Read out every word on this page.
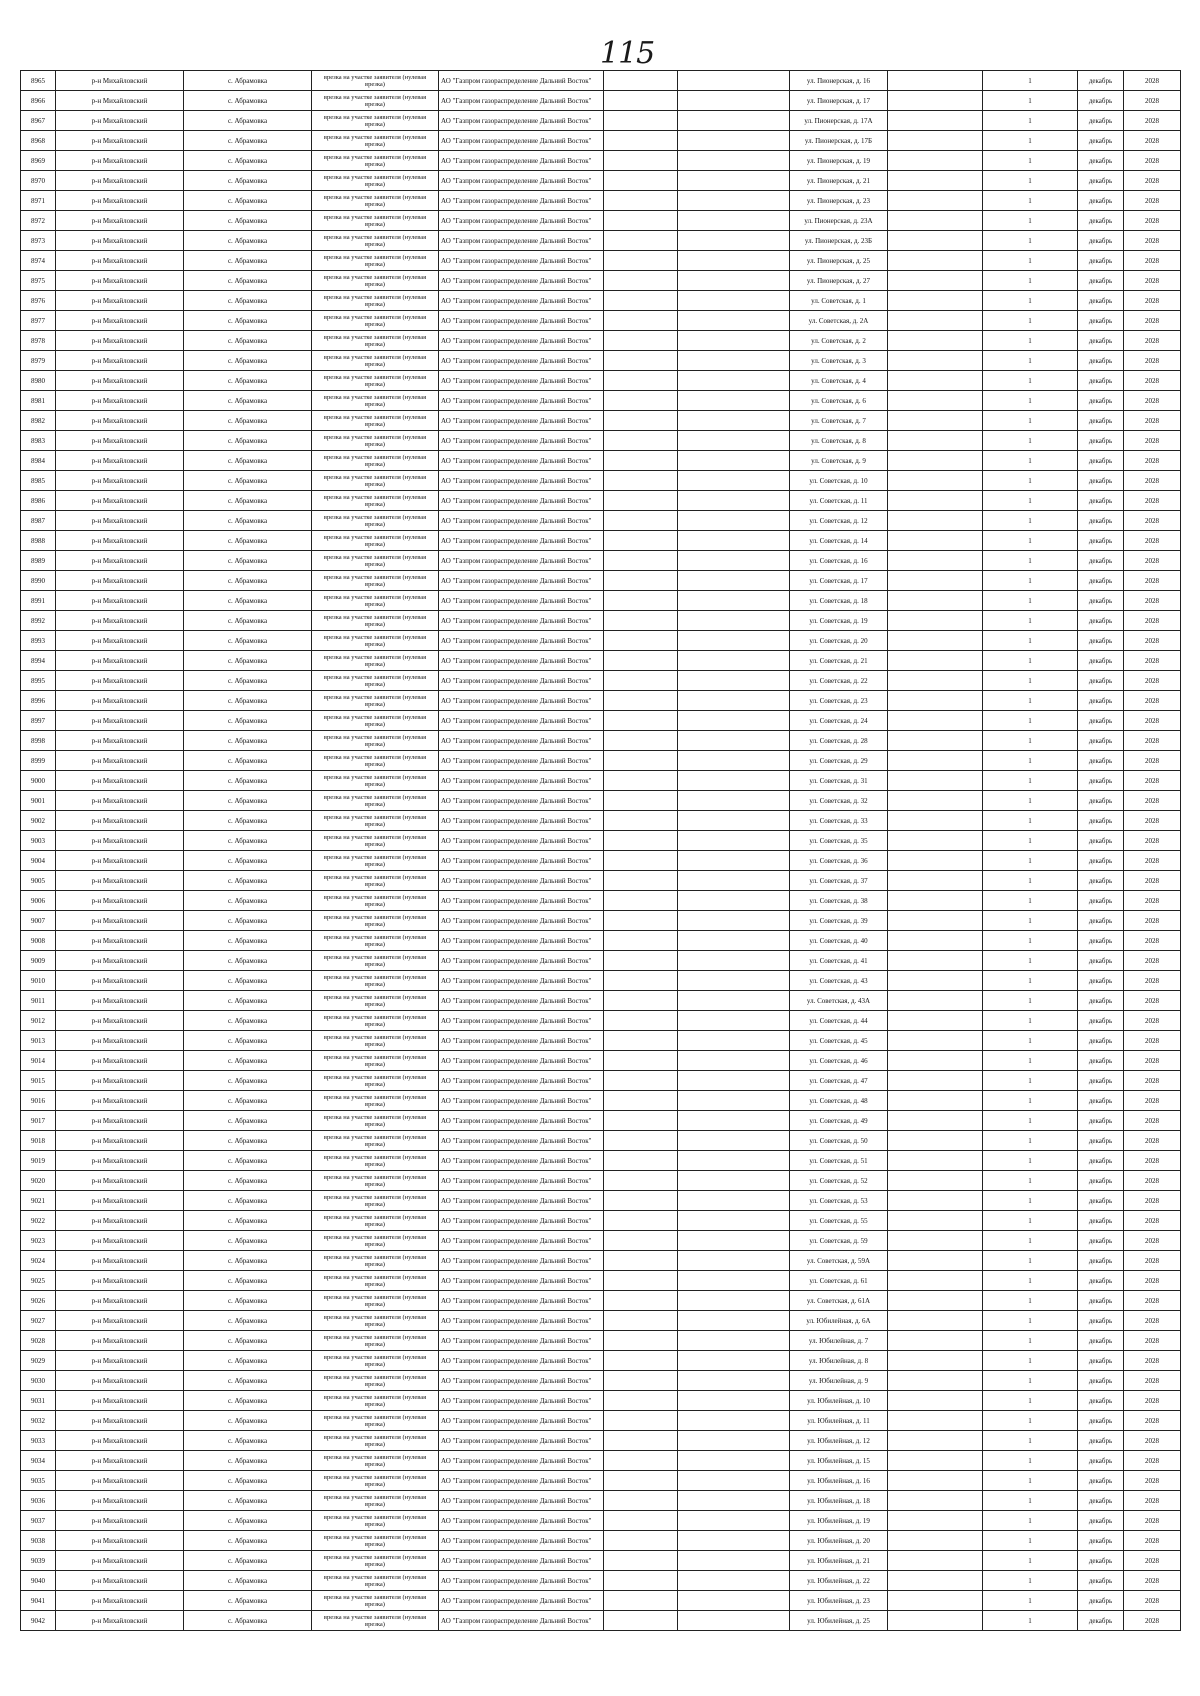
115
8965	р-н Михайловский	с. Абрамовка	врезка на участке заявителя (нулевая врезка)	АО "Газпром газораспределение Дальний Восток"			ул. Пионерская, д. 16		1	декабрь	2028
8966	р-н Михайловский	с. Абрамовка	врезка на участке заявителя (нулевая врезка)	АО "Газпром газораспределение Дальний Восток"			ул. Пионерская, д. 17		1	декабрь	2028
8967	р-н Михайловский	с. Абрамовка	врезка на участке заявителя (нулевая врезка)	АО "Газпром газораспределение Дальний Восток"			ул. Пионерская, д. 17А		1	декабрь	2028
8968	р-н Михайловский	с. Абрамовка	врезка на участке заявителя (нулевая врезка)	АО "Газпром газораспределение Дальний Восток"			ул. Пионерская, д. 17Б		1	декабрь	2028
8969	р-н Михайловский	с. Абрамовка	врезка на участке заявителя (нулевая врезка)	АО "Газпром газораспределение Дальний Восток"			ул. Пионерская, д. 19		1	декабрь	2028
8970	р-н Михайловский	с. Абрамовка	врезка на участке заявителя (нулевая врезка)	АО "Газпром газораспределение Дальний Восток"			ул. Пионерская, д. 21		1	декабрь	2028
8971	р-н Михайловский	с. Абрамовка	врезка на участке заявителя (нулевая врезка)	АО "Газпром газораспределение Дальний Восток"			ул. Пионерская, д. 23		1	декабрь	2028
8972	р-н Михайловский	с. Абрамовка	врезка на участке заявителя (нулевая врезка)	АО "Газпром газораспределение Дальний Восток"			ул. Пионерская, д. 23А		1	декабрь	2028
8973	р-н Михайловский	с. Абрамовка	врезка на участке заявителя (нулевая врезка)	АО "Газпром газораспределение Дальний Восток"			ул. Пионерская, д. 23Б		1	декабрь	2028
8974	р-н Михайловский	с. Абрамовка	врезка на участке заявителя (нулевая врезка)	АО "Газпром газораспределение Дальний Восток"			ул. Пионерская, д. 25		1	декабрь	2028
8975	р-н Михайловский	с. Абрамовка	врезка на участке заявителя (нулевая врезка)	АО "Газпром газораспределение Дальний Восток"			ул. Пионерская, д. 27		1	декабрь	2028
8976	р-н Михайловский	с. Абрамовка	врезка на участке заявителя (нулевая врезка)	АО "Газпром газораспределение Дальний Восток"			ул. Советская, д. 1		1	декабрь	2028
8977	р-н Михайловский	с. Абрамовка	врезка на участке заявителя (нулевая врезка)	АО "Газпром газораспределение Дальний Восток"			ул. Советская, д. 2А		1	декабрь	2028
8978	р-н Михайловский	с. Абрамовка	врезка на участке заявителя (нулевая врезка)	АО "Газпром газораспределение Дальний Восток"			ул. Советская, д. 2		1	декабрь	2028
8979	р-н Михайловский	с. Абрамовка	врезка на участке заявителя (нулевая врезка)	АО "Газпром газораспределение Дальний Восток"			ул. Советская, д. 3		1	декабрь	2028
8980	р-н Михайловский	с. Абрамовка	врезка на участке заявителя (нулевая врезка)	АО "Газпром газораспределение Дальний Восток"			ул. Советская, д. 4		1	декабрь	2028
8981	р-н Михайловский	с. Абрамовка	врезка на участке заявителя (нулевая врезка)	АО "Газпром газораспределение Дальний Восток"			ул. Советская, д. 6		1	декабрь	2028
8982	р-н Михайловский	с. Абрамовка	врезка на участке заявителя (нулевая врезка)	АО "Газпром газораспределение Дальний Восток"			ул. Советская, д. 7		1	декабрь	2028
8983	р-н Михайловский	с. Абрамовка	врезка на участке заявителя (нулевая врезка)	АО "Газпром газораспределение Дальний Восток"			ул. Советская, д. 8		1	декабрь	2028
8984	р-н Михайловский	с. Абрамовка	врезка на участке заявителя (нулевая врезка)	АО "Газпром газораспределение Дальний Восток"			ул. Советская, д. 9		1	декабрь	2028
8985	р-н Михайловский	с. Абрамовка	врезка на участке заявителя (нулевая врезка)	АО "Газпром газораспределение Дальний Восток"			ул. Советская, д. 10		1	декабрь	2028
8986	р-н Михайловский	с. Абрамовка	врезка на участке заявителя (нулевая врезка)	АО "Газпром газораспределение Дальний Восток"			ул. Советская, д. 11		1	декабрь	2028
8987	р-н Михайловский	с. Абрамовка	врезка на участке заявителя (нулевая врезка)	АО "Газпром газораспределение Дальний Восток"			ул. Советская, д. 12		1	декабрь	2028
8988	р-н Михайловский	с. Абрамовка	врезка на участке заявителя (нулевая врезка)	АО "Газпром газораспределение Дальний Восток"			ул. Советская, д. 14		1	декабрь	2028
8989	р-н Михайловский	с. Абрамовка	врезка на участке заявителя (нулевая врезка)	АО "Газпром газораспределение Дальний Восток"			ул. Советская, д. 16		1	декабрь	2028
8990	р-н Михайловский	с. Абрамовка	врезка на участке заявителя (нулевая врезка)	АО "Газпром газораспределение Дальний Восток"			ул. Советская, д. 17		1	декабрь	2028
8991	р-н Михайловский	с. Абрамовка	врезка на участке заявителя (нулевая врезка)	АО "Газпром газораспределение Дальний Восток"			ул. Советская, д. 18		1	декабрь	2028
8992	р-н Михайловский	с. Абрамовка	врезка на участке заявителя (нулевая врезка)	АО "Газпром газораспределение Дальний Восток"			ул. Советская, д. 19		1	декабрь	2028
8993	р-н Михайловский	с. Абрамовка	врезка на участке заявителя (нулевая врезка)	АО "Газпром газораспределение Дальний Восток"			ул. Советская, д. 20		1	декабрь	2028
8994	р-н Михайловский	с. Абрамовка	врезка на участке заявителя (нулевая врезка)	АО "Газпром газораспределение Дальний Восток"			ул. Советская, д. 21		1	декабрь	2028
8995	р-н Михайловский	с. Абрамовка	врезка на участке заявителя (нулевая врезка)	АО "Газпром газораспределение Дальний Восток"			ул. Советская, д. 22		1	декабрь	2028
8996	р-н Михайловский	с. Абрамовка	врезка на участке заявителя (нулевая врезка)	АО "Газпром газораспределение Дальний Восток"			ул. Советская, д. 23		1	декабрь	2028
8997	р-н Михайловский	с. Абрамовка	врезка на участке заявителя (нулевая врезка)	АО "Газпром газораспределение Дальний Восток"			ул. Советская, д. 24		1	декабрь	2028
8998	р-н Михайловский	с. Абрамовка	врезка на участке заявителя (нулевая врезка)	АО "Газпром газораспределение Дальний Восток"			ул. Советская, д. 28		1	декабрь	2028
8999	р-н Михайловский	с. Абрамовка	врезка на участке заявителя (нулевая врезка)	АО "Газпром газораспределение Дальний Восток"			ул. Советская, д. 29		1	декабрь	2028
9000	р-н Михайловский	с. Абрамовка	врезка на участке заявителя (нулевая врезка)	АО "Газпром газораспределение Дальний Восток"			ул. Советская, д. 31		1	декабрь	2028
9001	р-н Михайловский	с. Абрамовка	врезка на участке заявителя (нулевая врезка)	АО "Газпром газораспределение Дальний Восток"			ул. Советская, д. 32		1	декабрь	2028
9002	р-н Михайловский	с. Абрамовка	врезка на участке заявителя (нулевая врезка)	АО "Газпром газораспределение Дальний Восток"			ул. Советская, д. 33		1	декабрь	2028
9003	р-н Михайловский	с. Абрамовка	врезка на участке заявителя (нулевая врезка)	АО "Газпром газораспределение Дальний Восток"			ул. Советская, д. 35		1	декабрь	2028
9004	р-н Михайловский	с. Абрамовка	врезка на участке заявителя (нулевая врезка)	АО "Газпром газораспределение Дальний Восток"			ул. Советская, д. 36		1	декабрь	2028
9005	р-н Михайловский	с. Абрамовка	врезка на участке заявителя (нулевая врезка)	АО "Газпром газораспределение Дальний Восток"			ул. Советская, д. 37		1	декабрь	2028
9006	р-н Михайловский	с. Абрамовка	врезка на участке заявителя (нулевая врезка)	АО "Газпром газораспределение Дальний Восток"			ул. Советская, д. 38		1	декабрь	2028
9007	р-н Михайловский	с. Абрамовка	врезка на участке заявителя (нулевая врезка)	АО "Газпром газораспределение Дальний Восток"			ул. Советская, д. 39		1	декабрь	2028
9008	р-н Михайловский	с. Абрамовка	врезка на участке заявителя (нулевая врезка)	АО "Газпром газораспределение Дальний Восток"			ул. Советская, д. 40		1	декабрь	2028
9009	р-н Михайловский	с. Абрамовка	врезка на участке заявителя (нулевая врезка)	АО "Газпром газораспределение Дальний Восток"			ул. Советская, д. 41		1	декабрь	2028
9010	р-н Михайловский	с. Абрамовка	врезка на участке заявителя (нулевая врезка)	АО "Газпром газораспределение Дальний Восток"			ул. Советская, д. 43		1	декабрь	2028
9011	р-н Михайловский	с. Абрамовка	врезка на участке заявителя (нулевая врезка)	АО "Газпром газораспределение Дальний Восток"			ул. Советская, д. 43А		1	декабрь	2028
9012	р-н Михайловский	с. Абрамовка	врезка на участке заявителя (нулевая врезка)	АО "Газпром газораспределение Дальний Восток"			ул. Советская, д. 44		1	декабрь	2028
9013	р-н Михайловский	с. Абрамовка	врезка на участке заявителя (нулевая врезка)	АО "Газпром газораспределение Дальний Восток"			ул. Советская, д. 45		1	декабрь	2028
9014	р-н Михайловский	с. Абрамовка	врезка на участке заявителя (нулевая врезка)	АО "Газпром газораспределение Дальний Восток"			ул. Советская, д. 46		1	декабрь	2028
9015	р-н Михайловский	с. Абрамовка	врезка на участке заявителя (нулевая врезка)	АО "Газпром газораспределение Дальний Восток"			ул. Советская, д. 47		1	декабрь	2028
9016	р-н Михайловский	с. Абрамовка	врезка на участке заявителя (нулевая врезка)	АО "Газпром газораспределение Дальний Восток"			ул. Советская, д. 48		1	декабрь	2028
9017	р-н Михайловский	с. Абрамовка	врезка на участке заявителя (нулевая врезка)	АО "Газпром газораспределение Дальний Восток"			ул. Советская, д. 49		1	декабрь	2028
9018	р-н Михайловский	с. Абрамовка	врезка на участке заявителя (нулевая врезка)	АО "Газпром газораспределение Дальний Восток"			ул. Советская, д. 50		1	декабрь	2028
9019	р-н Михайловский	с. Абрамовка	врезка на участке заявителя (нулевая врезка)	АО "Газпром газораспределение Дальний Восток"			ул. Советская, д. 51		1	декабрь	2028
9020	р-н Михайловский	с. Абрамовка	врезка на участке заявителя (нулевая врезка)	АО "Газпром газораспределение Дальний Восток"			ул. Советская, д. 52		1	декабрь	2028
9021	р-н Михайловский	с. Абрамовка	врезка на участке заявителя (нулевая врезка)	АО "Газпром газораспределение Дальний Восток"			ул. Советская, д. 53		1	декабрь	2028
9022	р-н Михайловский	с. Абрамовка	врезка на участке заявителя (нулевая врезка)	АО "Газпром газораспределение Дальний Восток"			ул. Советская, д. 55		1	декабрь	2028
9023	р-н Михайловский	с. Абрамовка	врезка на участке заявителя (нулевая врезка)	АО "Газпром газораспределение Дальний Восток"			ул. Советская, д. 59		1	декабрь	2028
9024	р-н Михайловский	с. Абрамовка	врезка на участке заявителя (нулевая врезка)	АО "Газпром газораспределение Дальний Восток"			ул. Советская, д. 59А		1	декабрь	2028
9025	р-н Михайловский	с. Абрамовка	врезка на участке заявителя (нулевая врезка)	АО "Газпром газораспределение Дальний Восток"			ул. Советская, д. 61		1	декабрь	2028
9026	р-н Михайловский	с. Абрамовка	врезка на участке заявителя (нулевая врезка)	АО "Газпром газораспределение Дальний Восток"			ул. Советская, д. 61А		1	декабрь	2028
9027	р-н Михайловский	с. Абрамовка	врезка на участке заявителя (нулевая врезка)	АО "Газпром газораспределение Дальний Восток"			ул. Юбилейная, д. 6А		1	декабрь	2028
9028	р-н Михайловский	с. Абрамовка	врезка на участке заявителя (нулевая врезка)	АО "Газпром газораспределение Дальний Восток"			ул. Юбилейная, д. 7		1	декабрь	2028
9029	р-н Михайловский	с. Абрамовка	врезка на участке заявителя (нулевая врезка)	АО "Газпром газораспределение Дальний Восток"			ул. Юбилейная, д. 8		1	декабрь	2028
9030	р-н Михайловский	с. Абрамовка	врезка на участке заявителя (нулевая врезка)	АО "Газпром газораспределение Дальний Восток"			ул. Юбилейная, д. 9		1	декабрь	2028
9031	р-н Михайловский	с. Абрамовка	врезка на участке заявителя (нулевая врезка)	АО "Газпром газораспределение Дальний Восток"			ул. Юбилейная, д. 10		1	декабрь	2028
9032	р-н Михайловский	с. Абрамовка	врезка на участке заявителя (нулевая врезка)	АО "Газпром газораспределение Дальний Восток"			ул. Юбилейная, д. 11		1	декабрь	2028
9033	р-н Михайловский	с. Абрамовка	врезка на участке заявителя (нулевая врезка)	АО "Газпром газораспределение Дальний Восток"			ул. Юбилейная, д. 12		1	декабрь	2028
9034	р-н Михайловский	с. Абрамовка	врезка на участке заявителя (нулевая врезка)	АО "Газпром газораспределение Дальний Восток"			ул. Юбилейная, д. 15		1	декабрь	2028
9035	р-н Михайловский	с. Абрамовка	врезка на участке заявителя (нулевая врезка)	АО "Газпром газораспределение Дальний Восток"			ул. Юбилейная, д. 16		1	декабрь	2028
9036	р-н Михайловский	с. Абрамовка	врезка на участке заявителя (нулевая врезка)	АО "Газпром газораспределение Дальний Восток"			ул. Юбилейная, д. 18		1	декабрь	2028
9037	р-н Михайловский	с. Абрамовка	врезка на участке заявителя (нулевая врезка)	АО "Газпром газораспределение Дальний Восток"			ул. Юбилейная, д. 19		1	декабрь	2028
9038	р-н Михайловский	с. Абрамовка	врезка на участке заявителя (нулевая врезка)	АО "Газпром газораспределение Дальний Восток"			ул. Юбилейная, д. 20		1	декабрь	2028
9039	р-н Михайловский	с. Абрамовка	врезка на участке заявителя (нулевая врезка)	АО "Газпром газораспределение Дальний Восток"			ул. Юбилейная, д. 21		1	декабрь	2028
9040	р-н Михайловский	с. Абрамовка	врезка на участке заявителя (нулевая врезка)	АО "Газпром газораспределение Дальний Восток"			ул. Юбилейная, д. 22		1	декабрь	2028
9041	р-н Михайловский	с. Абрамовка	врезка на участке заявителя (нулевая врезка)	АО "Газпром газораспределение Дальний Восток"			ул. Юбилейная, д. 23		1	декабрь	2028
9042	р-н Михайловский	с. Абрамовка	врезка на участке заявителя (нулевая врезка)	АО "Газпром газораспределение Дальний Восток"			ул. Юбилейная, д. 25		1	декабрь	2028
